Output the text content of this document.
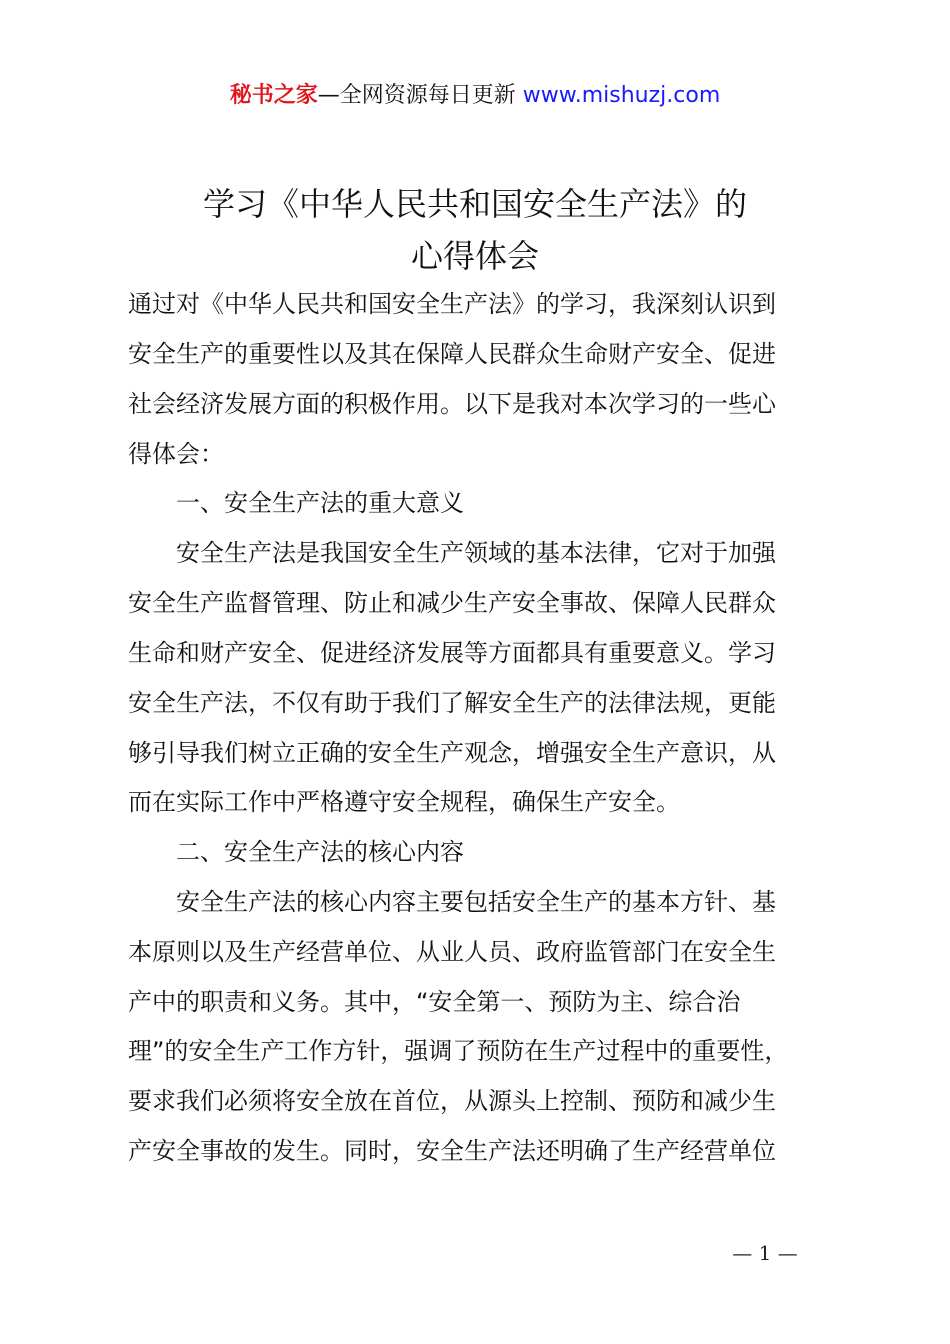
秘书之家—全网资源每日更新 www.mishuzj.com
学习《中华人民共和国安全生产法》的
心得体会
通过对《中华人民共和国安全生产法》的学习，我深刻认识到
安全生产的重要性以及其在保障人民群众生命财产安全、促进
社会经济发展方面的积极作用。以下是我对本次学习的一些心
得体会：
　　一、安全生产法的重大意义
　　安全生产法是我国安全生产领域的基本法律，它对于加强
安全生产监督管理、防止和减少生产安全事故、保障人民群众
生命和财产安全、促进经济发展等方面都具有重要意义。学习
安全生产法，不仅有助于我们了解安全生产的法律法规，更能
够引导我们树立正确的安全生产观念，增强安全生产意识，从
而在实际工作中严格遵守安全规程，确保生产安全。
　　二、安全生产法的核心内容
　　安全生产法的核心内容主要包括安全生产的基本方针、基
本原则以及生产经营单位、从业人员、政府监管部门在安全生
产中的职责和义务。其中，“安全第一、预防为主、综合治
理”的安全生产工作方针，强调了预防在生产过程中的重要性，
要求我们必须将安全放在首位，从源头上控制、预防和减少生
产安全事故的发生。同时，安全生产法还明确了生产经营单位
— 1 —
